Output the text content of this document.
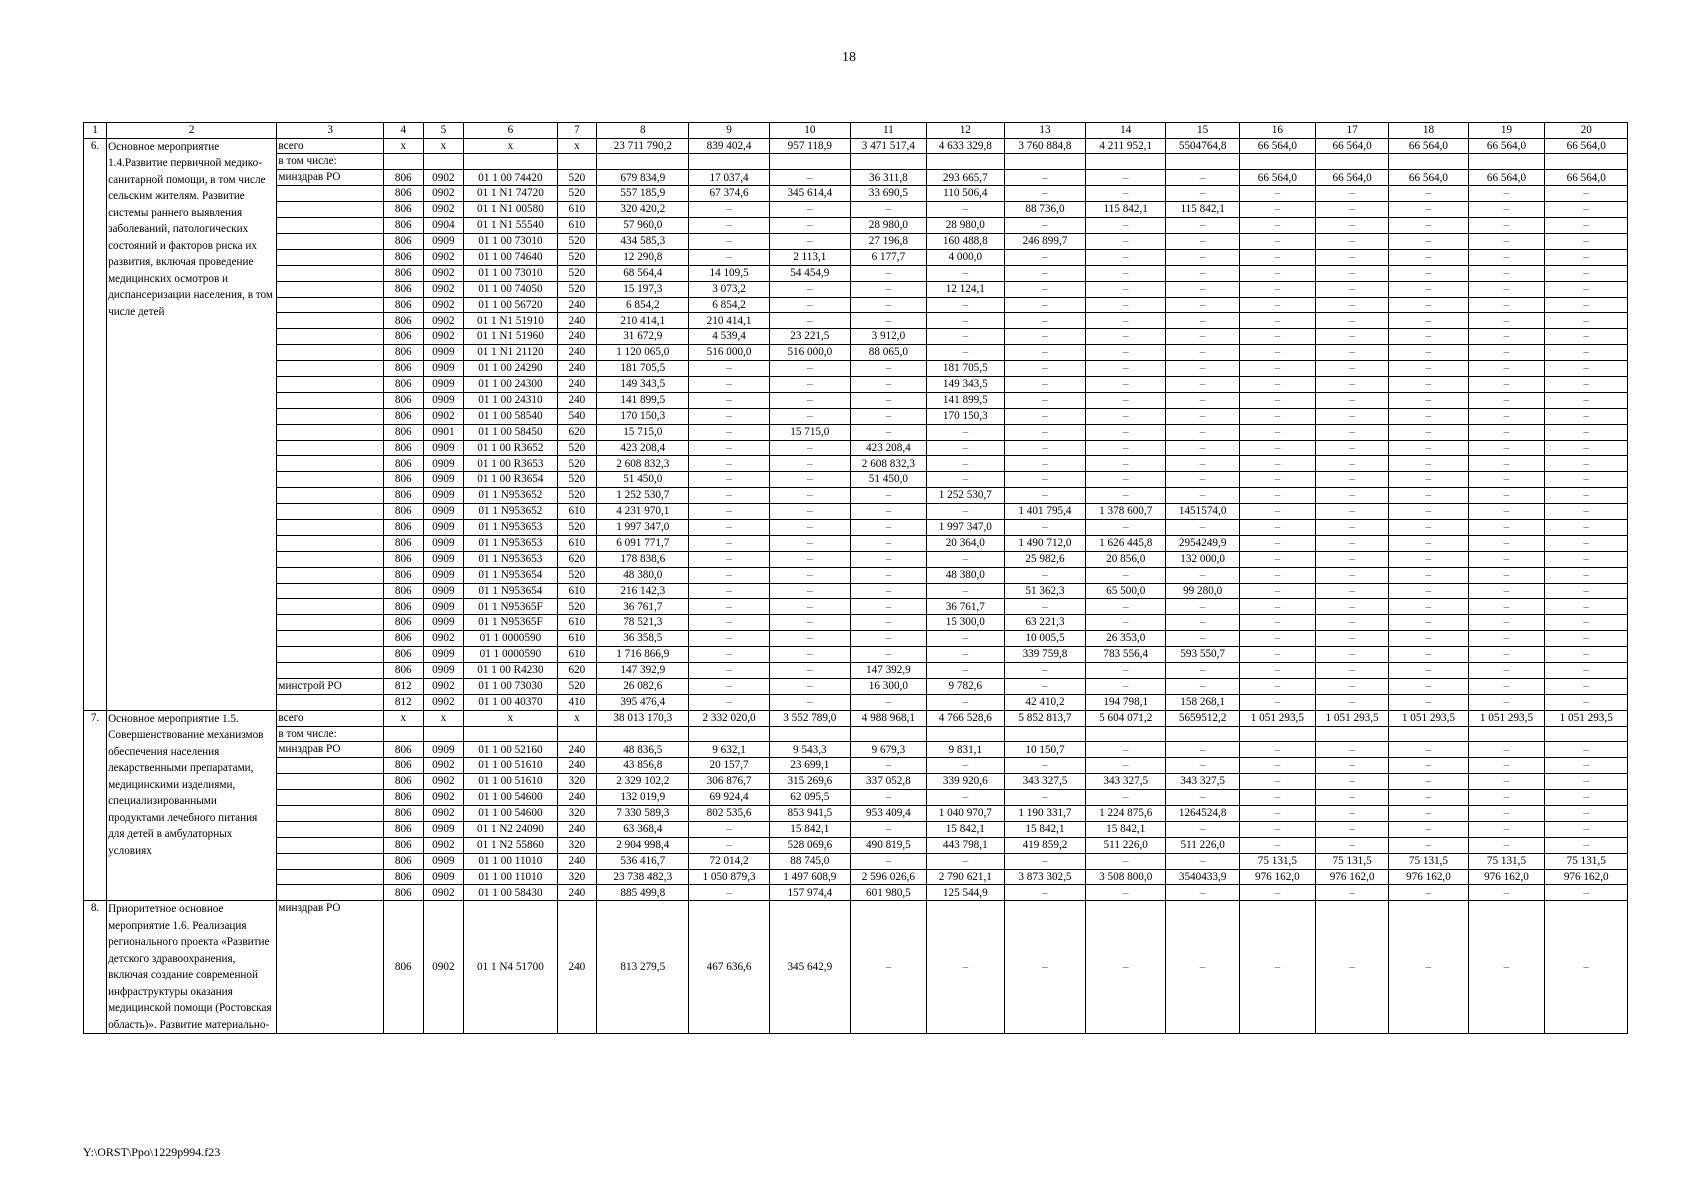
18
1	2	3	4	5	6	7	8	9	10	11	12	13	14	15	16	17	18	19	20
6.	Основное мероприятие 1.4.Развитие первичной медико-санитарной помощи, в том числе сельским жителям. Развитие системы раннего выявления заболеваний, патологических состояний и факторов риска их развития, включая проведение медицинских осмотров и диспансеризации населения, в том числе детей	всего	x	x	x	x	23 711 790,2	839 402,4	957 118,9	3 471 517,4	4 633 329,8	3 760 884,8	4 211 952,1	5504764,8	66 564,0	66 564,0	66 564,0	66 564,0	66 564,0
		в том числе:																	
		минздрав РО	806	0902	01 1 00 74420	520	679 834,9	17 037,4	–	36 311,8	293 665,7	–	–	–	66 564,0	66 564,0	66 564,0	66 564,0	66 564,0
			806	0902	01 1 N1 74720	520	557 185,9	67 374,6	345 614,4	33 690,5	110 506,4	–	–	–	–	–	–	–	–
			806	0902	01 1 N1 00580	610	320 420,2	–	–	–	–	88 736,0	115 842,1	115 842,1	–	–	–	–	–
			806	0904	01 1 N1 55540	610	57 960,0	–	–	28 980,0	28 980,0	–	–	–	–	–	–	–	–
			806	0909	01 1 00 73010	520	434 585,3	–	–	27 196,8	160 488,8	246 899,7	–	–	–	–	–	–	–
			806	0902	01 1 00 74640	520	12 290,8	–	2 113,1	6 177,7	4 000,0	–	–	–	–	–	–	–	–
			806	0902	01 1 00 73010	520	68 564,4	14 109,5	54 454,9	–	–	–	–	–	–	–	–	–	–
			806	0902	01 1 00 74050	520	15 197,3	3 073,2	–	–	12 124,1	–	–	–	–	–	–	–	–
			806	0902	01 1 00 56720	240	6 854,2	6 854,2	–	–	–	–	–	–	–	–	–	–	–
			806	0902	01 1 N1 51910	240	210 414,1	210 414,1	–	–	–	–	–	–	–	–	–	–	–
			806	0902	01 1 N1 51960	240	31 672,9	4 539,4	23 221,5	3 912,0	–	–	–	–	–	–	–	–	–
			806	0909	01 1 N1 21120	240	1 120 065,0	516 000,0	516 000,0	88 065,0	–	–	–	–	–	–	–	–	–
			806	0909	01 1 00 24290	240	181 705,5	–	–	–	181 705,5	–	–	–	–	–	–	–	–
			806	0909	01 1 00 24300	240	149 343,5	–	–	–	149 343,5	–	–	–	–	–	–	–	–
			806	0909	01 1 00 24310	240	141 899,5	–	–	–	141 899,5	–	–	–	–	–	–	–	–
			806	0902	01 1 00 58540	540	170 150,3	–	–	–	170 150,3	–	–	–	–	–	–	–	–
			806	0901	01 1 00 58450	620	15 715,0	–	15 715,0	–	–	–	–	–	–	–	–	–	–
			806	0909	01 1 00 R3652	520	423 208,4	–	–	423 208,4	–	–	–	–	–	–	–	–	–
			806	0909	01 1 00 R3653	520	2 608 832,3	–	–	2 608 832,3	–	–	–	–	–	–	–	–	–
			806	0909	01 1 00 R3654	520	51 450,0	–	–	51 450,0	–	–	–	–	–	–	–	–	–
			806	0909	01 1 N953652	520	1 252 530,7	–	–	–	1 252 530,7	–	–	–	–	–	–	–	–
			806	0909	01 1 N953652	610	4 231 970,1	–	–	–	–	1 401 795,4	1 378 600,7	1451574,0	–	–	–	–	–
			806	0909	01 1 N953653	520	1 997 347,0	–	–	–	1 997 347,0	–	–	–	–	–	–	–	–
			806	0909	01 1 N953653	610	6 091 771,7	–	–	–	20 364,0	1 490 712,0	1 626 445,8	2954249,9	–	–	–	–	–
			806	0909	01 1 N953653	620	178 838,6	–	–	–	–	25 982,6	20 856,0	132 000,0	–	–	–	–	–
			806	0909	01 1 N953654	520	48 380,0	–	–	–	48 380,0	–	–	–	–	–	–	–	–
			806	0909	01 1 N953654	610	216 142,3	–	–	–	–	51 362,3	65 500,0	99 280,0	–	–	–	–	–
			806	0909	01 1 N95365F	520	36 761,7	–	–	–	36 761,7	–	–	–	–	–	–	–	–
			806	0909	01 1 N95365F	610	78 521,3	–	–	–	15 300,0	63 221,3	–	–	–	–	–	–	–
			806	0902	01 1 0000590	610	36 358,5	–	–	–	–	10 005,5	26 353,0	–	–	–	–	–	–
			806	0909	01 1 0000590	610	1 716 866,9	–	–	–	–	339 759,8	783 556,4	593 550,7	–	–	–	–	–
			806	0909	01 1 00 R4230	620	147 392,9	–	–	147 392,9	–	–	–	–	–	–	–	–	–
		минстрой РО	812	0902	01 1 00 73030	520	26 082,6	–	–	16 300,0	9 782,6	–	–	–	–	–	–	–	–
			812	0902	01 1 00 40370	410	395 476,4	–	–	–	–	42 410,2	194 798,1	158 268,1	–	–	–	–	–
7.	Основное мероприятие 1.5. Совершенствование механизмов обеспечения населения лекарственными препаратами, медицинскими изделиями, специализированными продуктами лечебного питания для детей в амбулаторных условиях	всего	x	x	x	x	38 013 170,3	2 332 020,0	3 552 789,0	4 988 968,1	4 766 528,6	5 852 813,7	5 604 071,2	5659512,2	1 051 293,5	1 051 293,5	1 051 293,5	1 051 293,5	1 051 293,5
		в том числе:																	
		минздрав РО	806	0909	01 1 00 52160	240	48 836,5	9 632,1	9 543,3	9 679,3	9 831,1	10 150,7	–	–	–	–	–	–	–
			806	0902	01 1 00 51610	240	43 856,8	20 157,7	23 699,1	–	–	–	–	–	–	–	–	–	–
			806	0902	01 1 00 51610	320	2 329 102,2	306 876,7	315 269,6	337 052,8	339 920,6	343 327,5	343 327,5	343 327,5	–	–	–	–	–
			806	0902	01 1 00 54600	240	132 019,9	69 924,4	62 095,5	–	–	–	–	–	–	–	–	–	–
			806	0902	01 1 00 54600	320	7 330 589,3	802 535,6	853 941,5	953 409,4	1 040 970,7	1 190 331,7	1 224 875,6	1264524,8	–	–	–	–	–
			806	0909	01 1 N2 24090	240	63 368,4	–	15 842,1	–	15 842,1	15 842,1	15 842,1	–	–	–	–	–	–
			806	0902	01 1 N2 55860	320	2 904 998,4	–	528 069,6	490 819,5	443 798,1	419 859,2	511 226,0	511 226,0	–	–	–	–	–
			806	0909	01 1 00 11010	240	536 416,7	72 014,2	88 745,0	–	–	–	–	–	75 131,5	75 131,5	75 131,5	75 131,5	75 131,5
			806	0909	01 1 00 11010	320	23 738 482,3	1 050 879,3	1 497 608,9	2 596 026,6	2 790 621,1	3 873 302,5	3 508 800,0	3540433,9	976 162,0	976 162,0	976 162,0	976 162,0	976 162,0
			806	0902	01 1 00 58430	240	885 499,8	–	157 974,4	601 980,5	125 544,9	–	–	–	–	–	–	–	–
8.	Приоритетное основное мероприятие 1.6. Реализация регионального проекта «Развитие детского здравоохранения, включая создание современной инфраструктуры оказания медицинской помощи (Ростовская область)». Развитие материально-	минздрав РО	806	0902	01 1 N4 51700	240	813 279,5	467 636,6	345 642,9	–	–	–	–	–	–	–	–	–	–
Y:\ORST\Ppo\1229p994.f23
